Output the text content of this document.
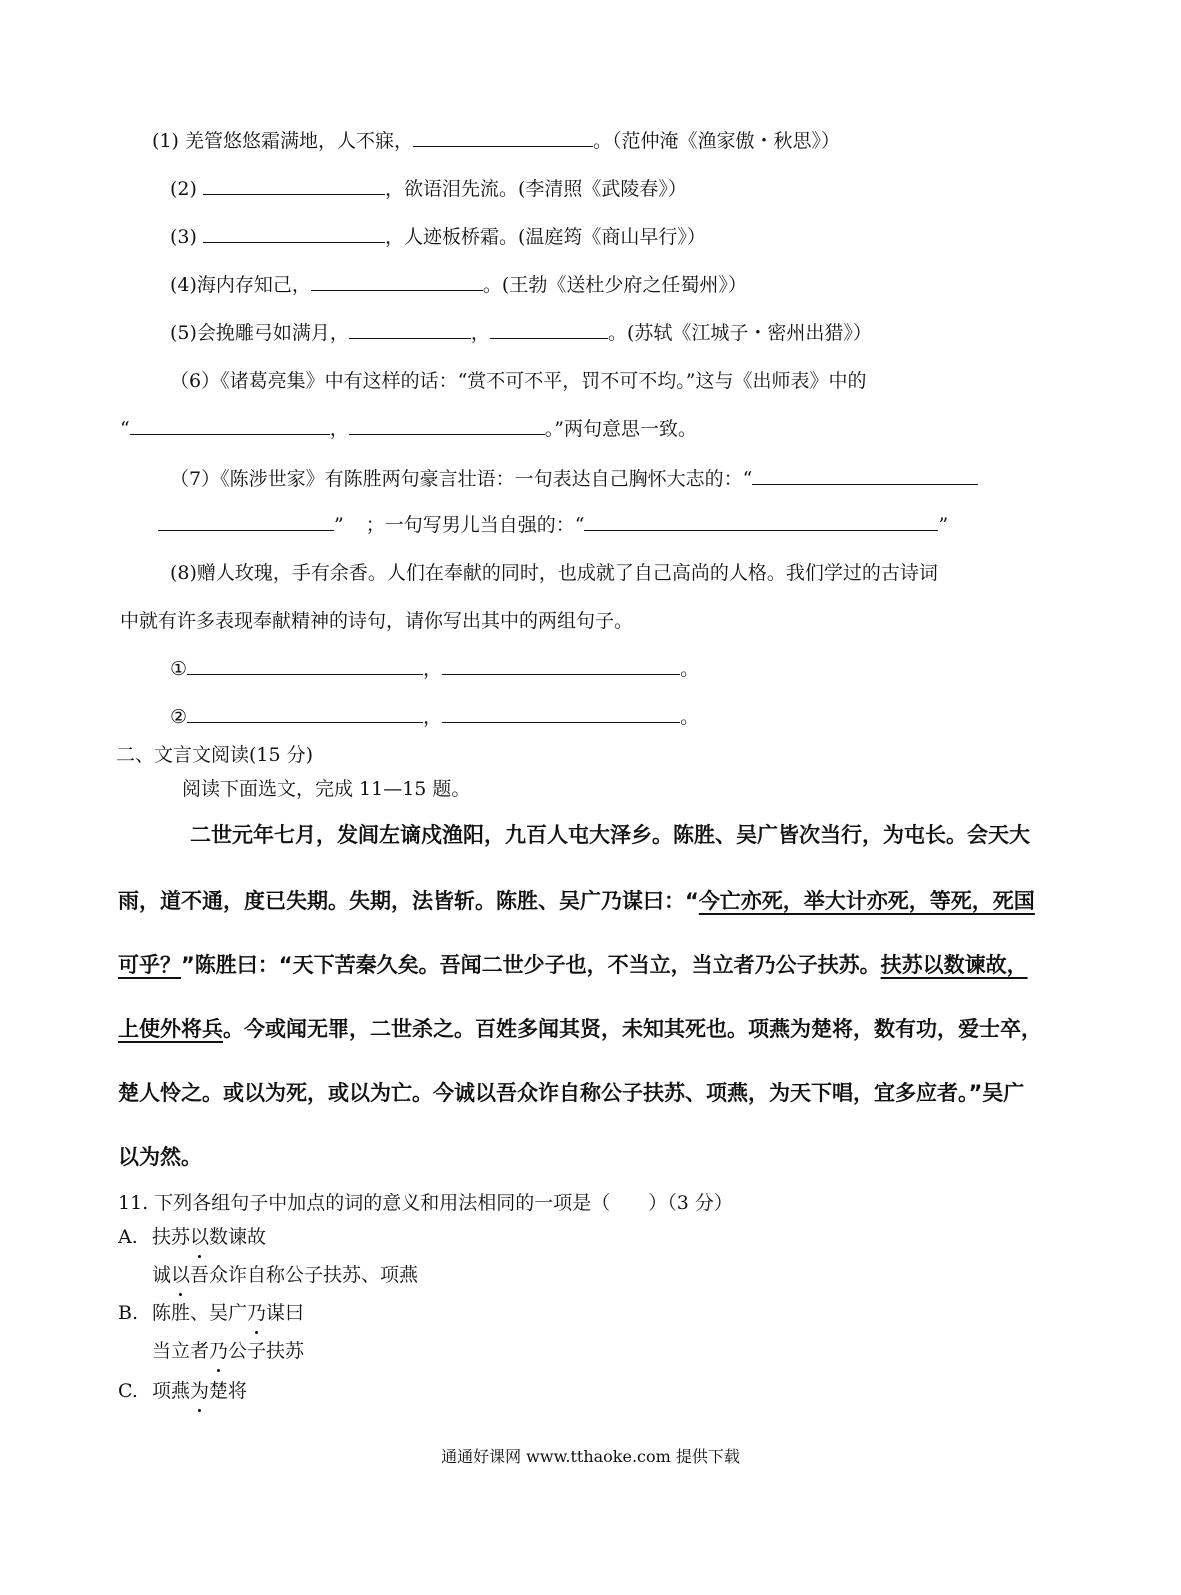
(1) 羌管悠悠霜满地，人不寐，	。（范仲淹《渔家傲・秋思》）
(2)	，欲语泪先流。(李清照《武陵春》）
(3)	，人迹板桥霜。(温庭筠《商山早行》）
(4)海内存知己，	。(王勃《送杜少府之任蜀州》）
(5)会挽雕弓如满月，	，	。(苏轼《江城子・密州出猎》）
（6）《诸葛亮集》中有这样的话：“赏不可不平，罚不可不均。”这与《出师表》中的
“	，	。”两句意思一致。
（7）《陈涉世家》有陈胜两句豪言壮语：一句表达自己胸怀大志的：“
” ；一句写男儿当自强的：“	”
(8)赠人玫瑰，手有余香。人们在奉献的同时，也成就了自己高尚的人格。我们学过的古诗词
中就有许多表现奉献精神的诗句，请你写出其中的两组句子。
①	，	。
②	，	。
二、文言文阅读(15 分)
阅读下面选文，完成 11—15 题。
二世元年七月，发闾左谪戍渔阳，九百人屯大泽乡。陈胜、吴广皆次当行，为屯长。会天大
雨，道不通，度已失期。失期，法皆斩。陈胜、吴广乃谋曰：“今亡亦死，举大计亦死，等死，死国
可乎？”陈胜曰：“天下苦秦久矣。吾闻二世少子也，不当立，当立者乃公子扶苏。扶苏以数谏故，
上使外将兵。今或闻无罪，二世杀之。百姓多闻其贤，未知其死也。项燕为楚将，数有功，爱士卒，
楚人怜之。或以为死，或以为亡。今诚以吾众诈自称公子扶苏、项燕，为天下唱，宜多应者。”吴广
以为然。
11. 下列各组句子中加点的词的意义和用法相同的一项是（　　）（3 分）
A. 扶苏以数谏故
诚以吾众诈自称公子扶苏、项燕
B. 陈胜、吴广乃谋曰
当立者乃公子扶苏
C. 项燕为楚将
通通好课网 www.tthaoke.com 提供下载
